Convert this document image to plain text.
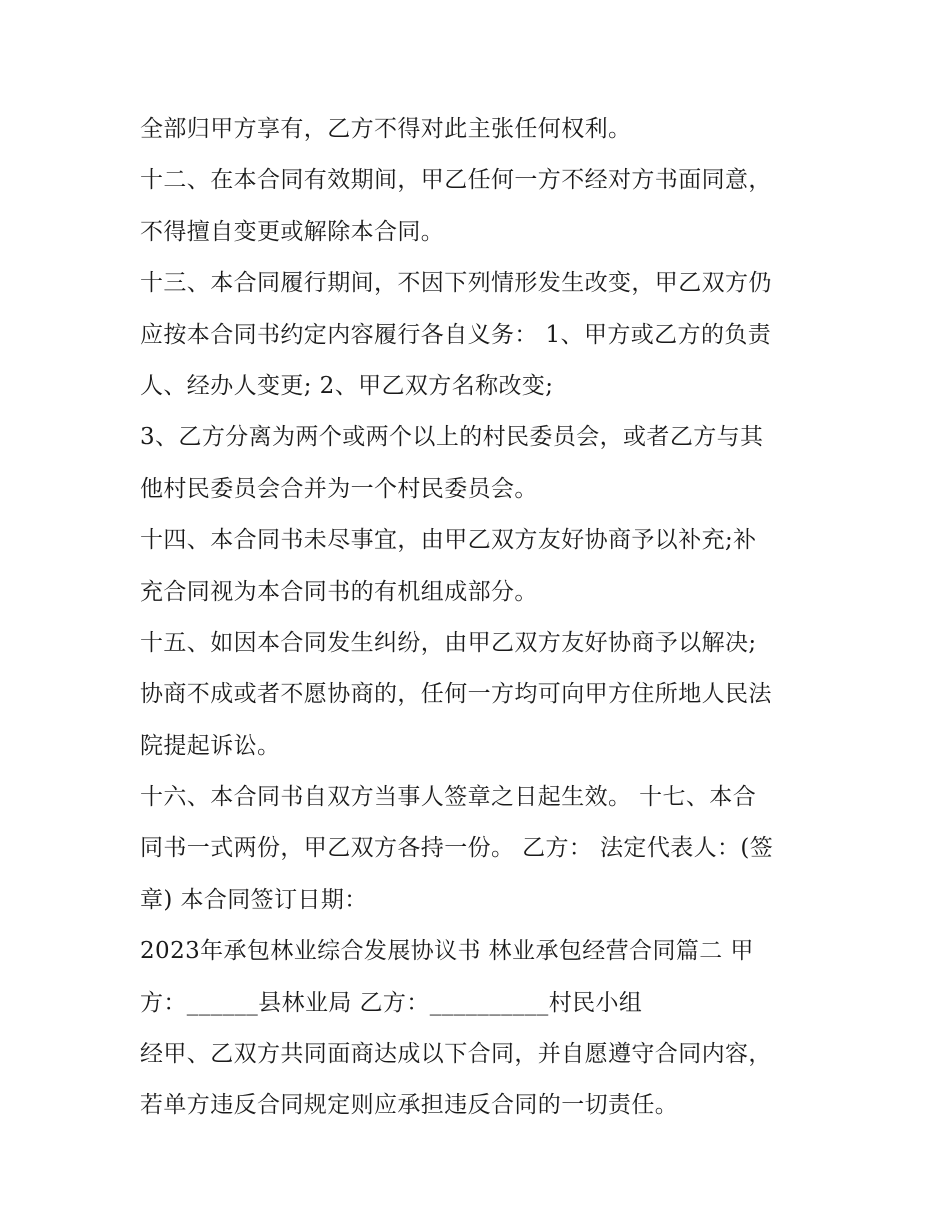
全部归甲方享有，乙方不得对此主张任何权利。
十二、在本合同有效期间，甲乙任何一方不经对方书面同意，
不得擅自变更或解除本合同。
十三、本合同履行期间，不因下列情形发生改变，甲乙双方仍
应按本合同书约定内容履行各自义务： 1、甲方或乙方的负责
人、经办人变更; 2、甲乙双方名称改变;
3、乙方分离为两个或两个以上的村民委员会，或者乙方与其
他村民委员会合并为一个村民委员会。
十四、本合同书未尽事宜，由甲乙双方友好协商予以补充;补
充合同视为本合同书的有机组成部分。
十五、如因本合同发生纠纷，由甲乙双方友好协商予以解决;
协商不成或者不愿协商的，任何一方均可向甲方住所地人民法
院提起诉讼。
十六、本合同书自双方当事人签章之日起生效。 十七、本合
同书一式两份，甲乙双方各持一份。 乙方： 法定代表人：(签
章) 本合同签订日期：
2023年承包林业综合发展协议书 林业承包经营合同篇二 甲
方：______县林业局 乙方：__________村民小组
经甲、乙双方共同面商达成以下合同，并自愿遵守合同内容，
若单方违反合同规定则应承担违反合同的一切责任。
